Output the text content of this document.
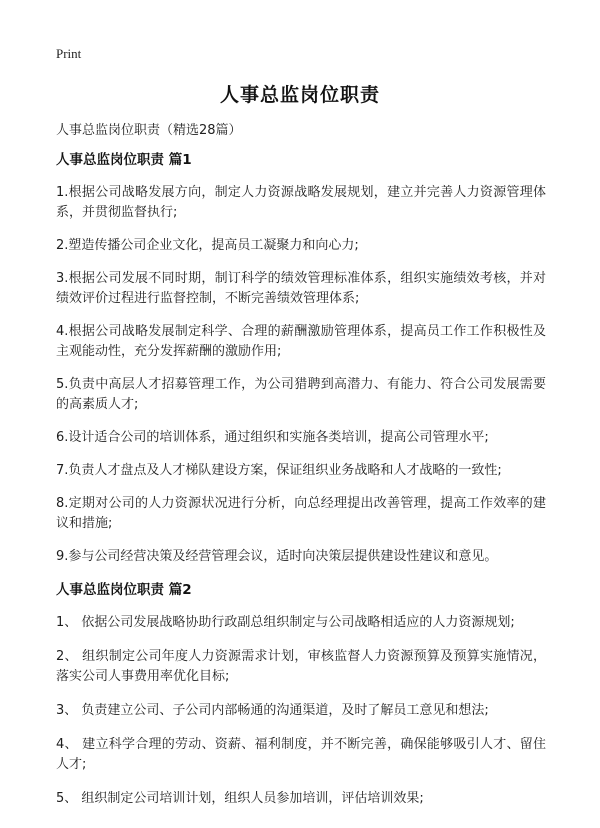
Print
人事总监岗位职责
人事总监岗位职责（精选28篇）
人事总监岗位职责 篇1

1.根据公司战略发展方向，制定人力资源战略发展规划，建立并完善人力资源管理体系，并贯彻监督执行;

2.塑造传播公司企业文化，提高员工凝聚力和向心力;

3.根据公司发展不同时期，制订科学的绩效管理标准体系，组织实施绩效考核，并对绩效评价过程进行监督控制，不断完善绩效管理体系;

4.根据公司战略发展制定科学、合理的薪酬激励管理体系，提高员工作工作积极性及主观能动性，充分发挥薪酬的激励作用;

5.负责中高层人才招募管理工作，为公司猎聘到高潜力、有能力、符合公司发展需要的高素质人才;

6.设计适合公司的培训体系，通过组织和实施各类培训，提高公司管理水平;

7.负责人才盘点及人才梯队建设方案，保证组织业务战略和人才战略的一致性;

8.定期对公司的人力资源状况进行分析，向总经理提出改善管理，提高工作效率的建议和措施;

9.参与公司经营决策及经营管理会议，适时向决策层提供建设性建议和意见。

人事总监岗位职责 篇2

1、 依据公司发展战略协助行政副总组织制定与公司战略相适应的人力资源规划;

2、 组织制定公司年度人力资源需求计划，审核监督人力资源预算及预算实施情况，落实公司人事费用率优化目标;

3、 负责建立公司、子公司内部畅通的沟通渠道，及时了解员工意见和想法;

4、 建立科学合理的劳动、资薪、福利制度，并不断完善，确保能够吸引人才、留住人才;

5、 组织制定公司培训计划，组织人员参加培训，评估培训效果;
